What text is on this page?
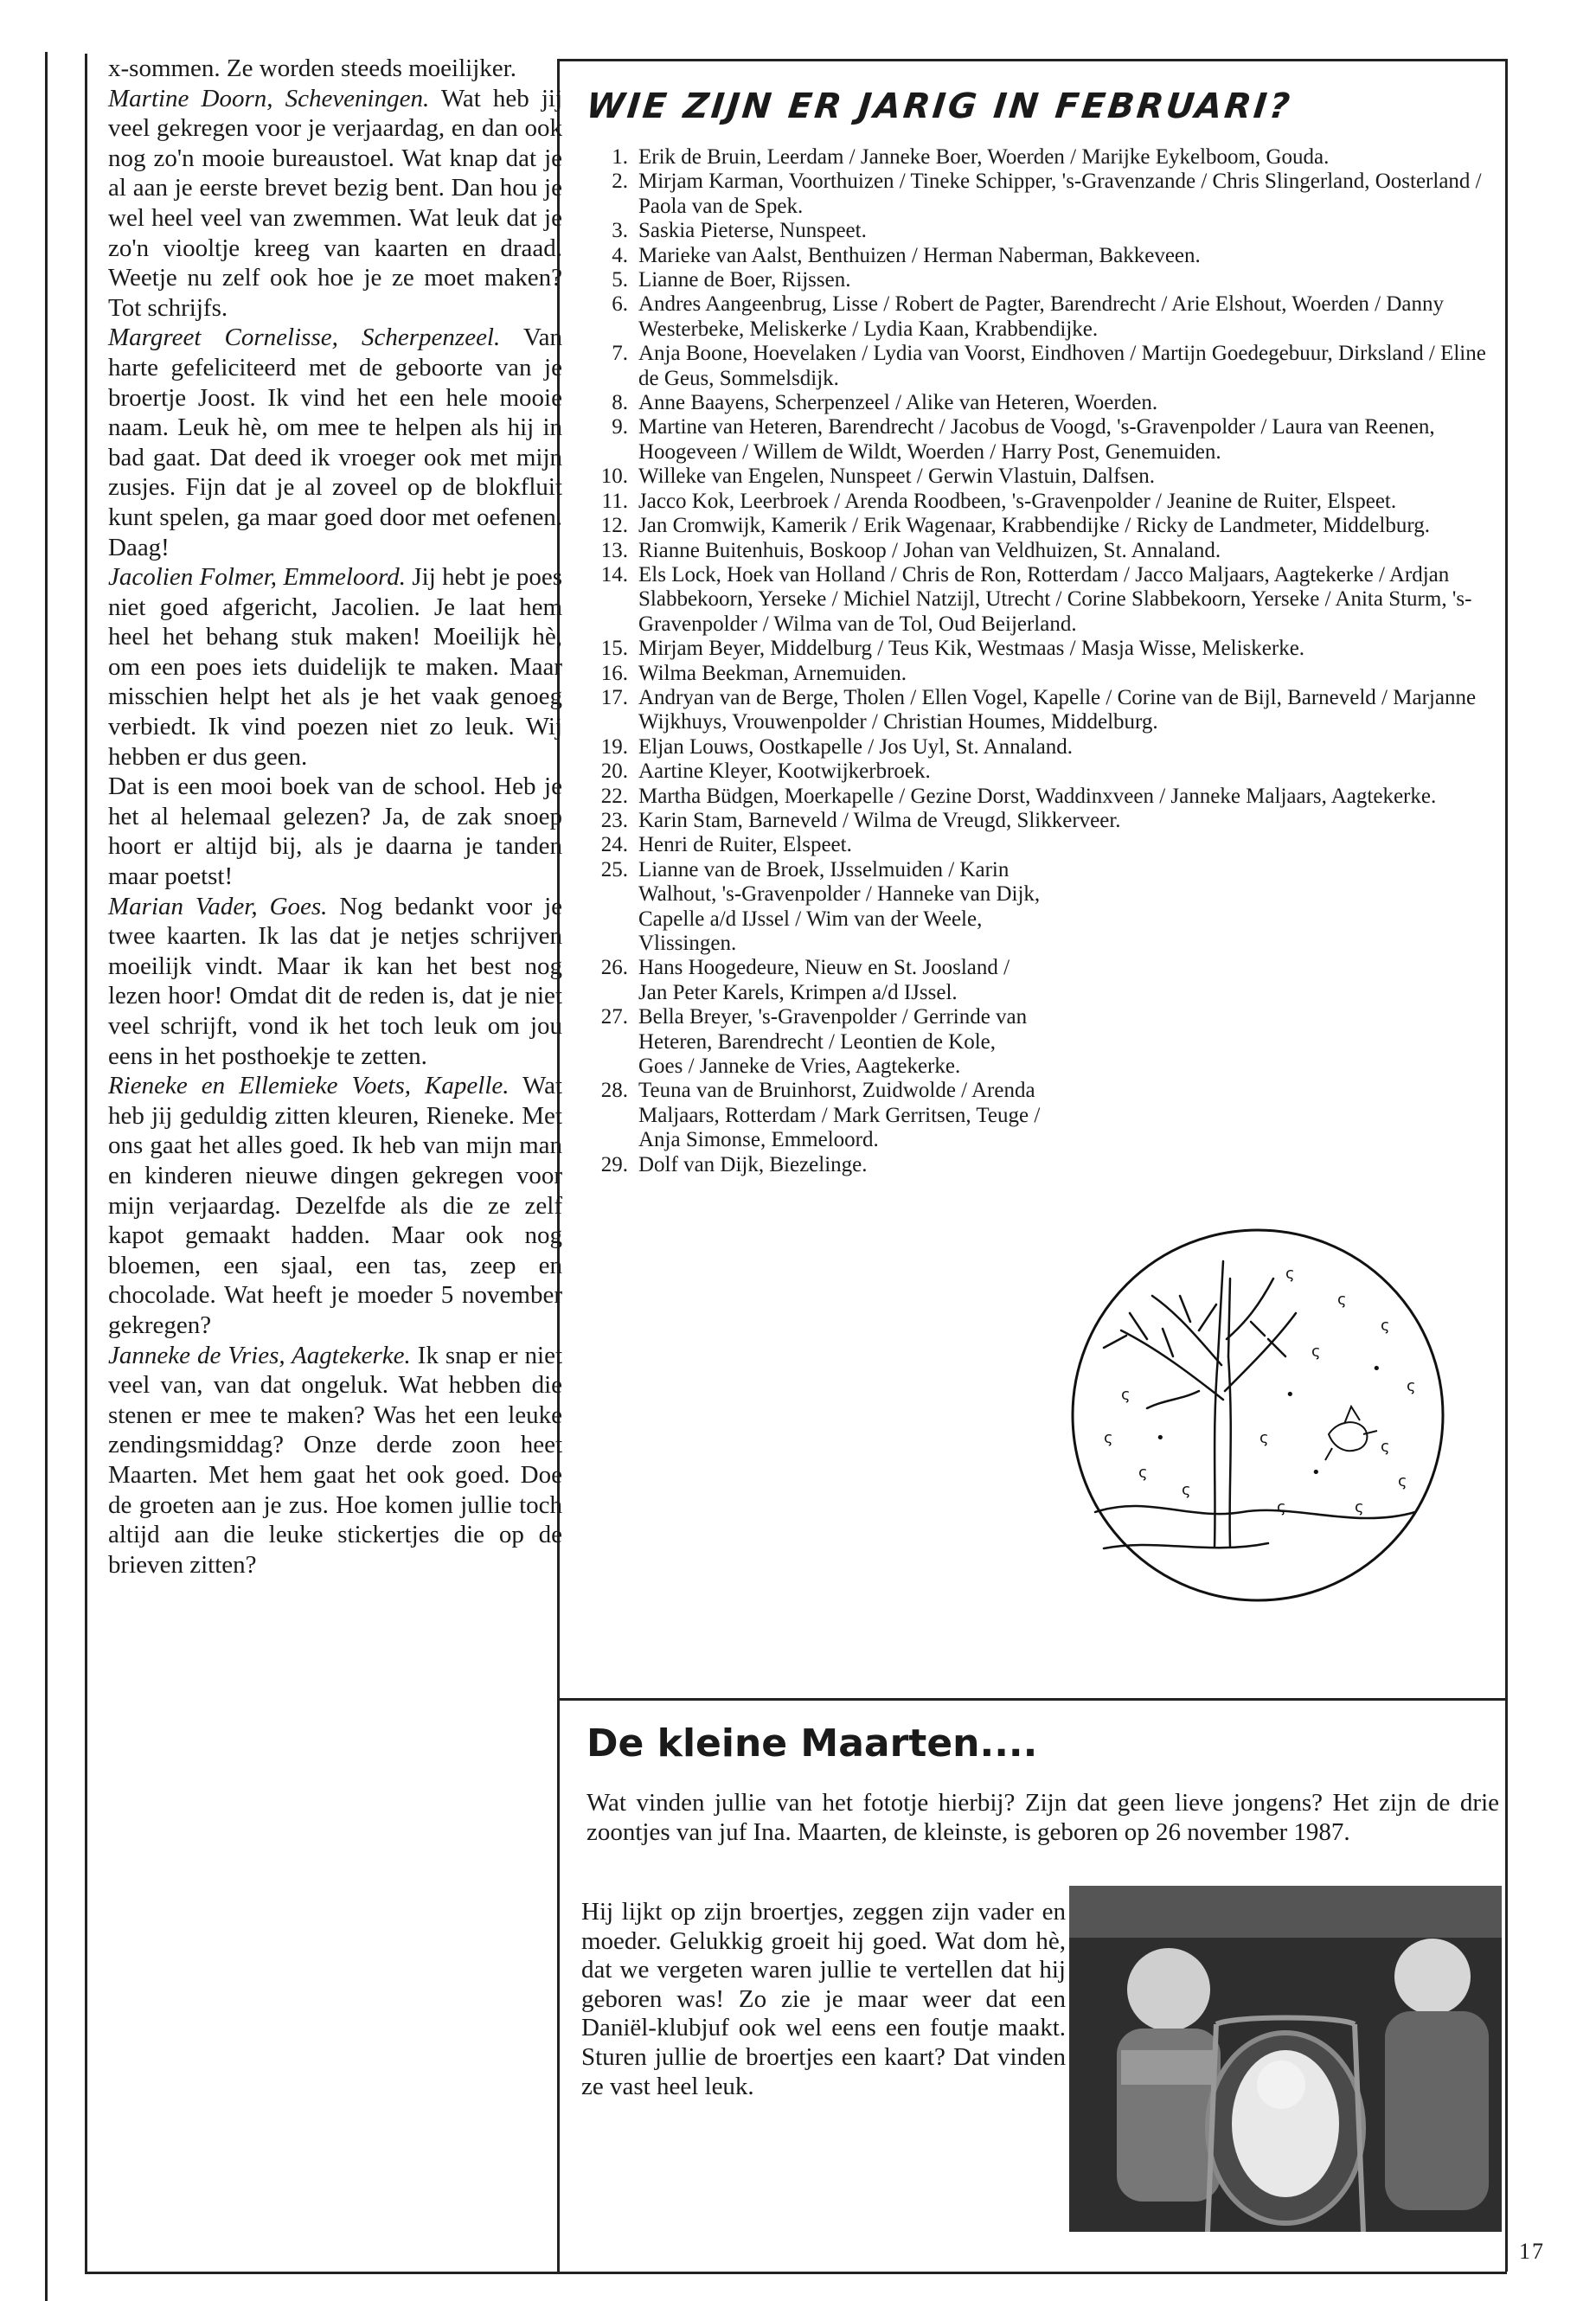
x-sommen. Ze worden steeds moeilijker.

Martine Doorn, Scheveningen. Wat heb jij veel gekregen voor je verjaardag, en dan ook nog zo'n mooie bureaustoel. Wat knap dat je al aan je eerste brevet bezig bent. Dan hou je wel heel veel van zwemmen. Wat leuk dat je zo'n viooltje kreeg van kaarten en draad. Weetje nu zelf ook hoe je ze moet maken? Tot schrijfs.

Margreet Cornelisse, Scherpenzeel. Van harte gefeliciteerd met de geboorte van je broertje Joost. Ik vind het een hele mooie naam. Leuk hè, om mee te helpen als hij in bad gaat. Dat deed ik vroeger ook met mijn zusjes. Fijn dat je al zoveel op de blokfluit kunt spelen, ga maar goed door met oefenen. Daag!

Jacolien Folmer, Emmeloord. Jij hebt je poes niet goed afgericht, Jacolien. Je laat hem heel het behang stuk maken! Moeilijk hè, om een poes iets duidelijk te maken. Maar misschien helpt het als je het vaak genoeg verbiedt. Ik vind poezen niet zo leuk. Wij hebben er dus geen.

Dat is een mooi boek van de school. Heb je het al helemaal gelezen? Ja, de zak snoep hoort er altijd bij, als je daarna je tanden maar poetst!

Marian Vader, Goes. Nog bedankt voor je twee kaarten. Ik las dat je netjes schrijven moeilijk vindt. Maar ik kan het best nog lezen hoor! Omdat dit de reden is, dat je niet veel schrijft, vond ik het toch leuk om jou eens in het posthoekje te zetten.

Rieneke en Ellemieke Voets, Kapelle. Wat heb jij geduldig zitten kleuren, Rieneke. Met ons gaat het alles goed. Ik heb van mijn man en kinderen nieuwe dingen gekregen voor mijn verjaardag. Dezelfde als die ze zelf kapot gemaakt hadden. Maar ook nog bloemen, een sjaal, een tas, zeep en chocolade. Wat heeft je moeder 5 november gekregen?

Janneke de Vries, Aagtekerke. Ik snap er niet veel van, van dat ongeluk. Wat hebben die stenen er mee te maken? Was het een leuke zendingsmiddag? Onze derde zoon heet Maarten. Met hem gaat het ook goed. Doe de groeten aan je zus. Hoe komen jullie toch altijd aan die leuke stickertjes die op de brieven zitten?

WIE ZIJN ER JARIG IN FEBRUARI?
1. Erik de Bruin, Leerdam / Janneke Boer, Woerden / Marijke Eykelboom, Gouda.
2. Mirjam Karman, Voorthuizen / Tineke Schipper, 's-Gravenzande / Chris Slingerland, Oosterland / Paola van de Spek.
3. Saskia Pieterse, Nunspeet.
4. Marieke van Aalst, Benthuizen / Herman Naberman, Bakkeveen.
5. Lianne de Boer, Rijssen.
6. Andres Aangeenbrug, Lisse / Robert de Pagter, Barendrecht / Arie Elshout, Woerden / Danny Westerbeke, Meliskerke / Lydia Kaan, Krabbendijke.
7. Anja Boone, Hoevelaken / Lydia van Voorst, Eindhoven / Martijn Goedegebuur, Dirksland / Eline de Geus, Sommelsdijk.
8. Anne Baayens, Scherpenzeel / Alike van Heteren, Woerden.
9. Martine van Heteren, Barendrecht / Jacobus de Voogd, 's-Gravenpolder / Laura van Reenen, Hoogeveen / Willem de Wildt, Woerden / Harry Post, Genemuiden.
10. Willeke van Engelen, Nunspeet / Gerwin Vlastuin, Dalfsen.
11. Jacco Kok, Leerbroek / Arenda Roodbeen, 's-Gravenpolder / Jeanine de Ruiter, Elspeet.
12. Jan Cromwijk, Kamerik / Erik Wagenaar, Krabbendijke / Ricky de Landmeter, Middelburg.
13. Rianne Buitenhuis, Boskoop / Johan van Veldhuizen, St. Annaland.
14. Els Lock, Hoek van Holland / Chris de Ron, Rotterdam / Jacco Maljaars, Aagtekerke / Ardjan Slabbekoorn, Yerseke / Michiel Natzijl, Utrecht / Corine Slabbekoorn, Yerseke / Anita Sturm, 's-Gravenpolder / Wilma van de Tol, Oud Beijerland.
15. Mirjam Beyer, Middelburg / Teus Kik, Westmaas / Masja Wisse, Meliskerke.
16. Wilma Beekman, Arnemuiden.
17. Andryan van de Berge, Tholen / Ellen Vogel, Kapelle / Corine van de Bijl, Barneveld / Marjanne Wijkhuys, Vrouwenpolder / Christian Houmes, Middelburg.
19. Eljan Louws, Oostkapelle / Jos Uyl, St. Annaland.
20. Aartine Kleyer, Kootwijkerbroek.
22. Martha Büdgen, Moerkapelle / Gezine Dorst, Waddinxveen / Janneke Maljaars, Aagtekerke.
23. Karin Stam, Barneveld / Wilma de Vreugd, Slikkerveer.
24. Henri de Ruiter, Elspeet.
25. Lianne van de Broek, IJsselmuiden / Karin Walhout, 's-Gravenpolder / Hanneke van Dijk, Capelle a/d IJssel / Wim van der Weele, Vlissingen.
26. Hans Hoogedeure, Nieuw en St. Joosland / Jan Peter Karels, Krimpen a/d IJssel.
27. Bella Breyer, 's-Gravenpolder / Gerrinde van Heteren, Barendrecht / Leontien de Kole, Goes / Janneke de Vries, Aagtekerke.
28. Teuna van de Bruinhorst, Zuidwolde / Arenda Maljaars, Rotterdam / Mark Gerritsen, Teuge / Anja Simonse, Emmeloord.
29. Dolf van Dijk, Biezelinge.
ς
ς
ς
ς
ς
•
ς
•	ς
ς	ς
ς
ς	•
ς
ς
ς
•
De kleine Maarten....
Wat vinden jullie van het fototje hierbij? Zijn dat geen lieve jongens? Het zijn de drie zoontjes van juf Ina. Maarten, de kleinste, is geboren op 26 november 1987.
Hij lijkt op zijn broertjes, zeggen zijn vader en moeder. Gelukkig groeit hij goed. Wat dom hè, dat we vergeten waren jullie te vertellen dat hij geboren was! Zo zie je maar weer dat een Daniël-klubjuf ook wel eens een foutje maakt. Sturen jullie de broertjes een kaart? Dat vinden ze vast heel leuk.
17
